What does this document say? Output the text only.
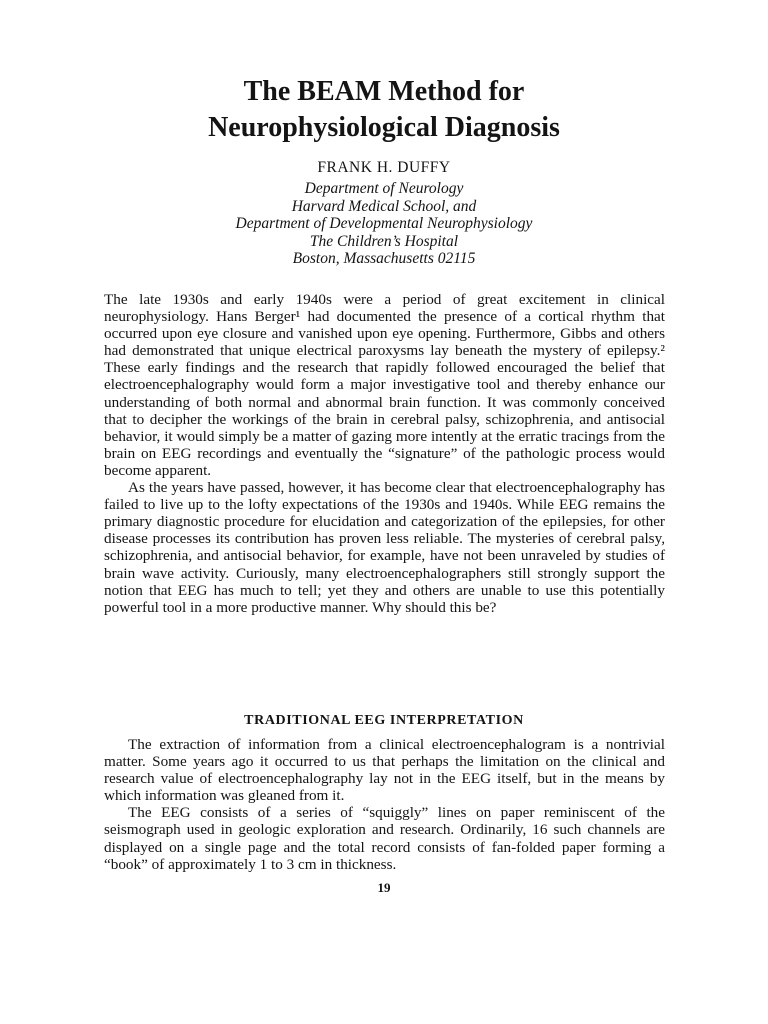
The BEAM Method for
Neurophysiological Diagnosis
FRANK H. DUFFY
Department of Neurology
Harvard Medical School, and
Department of Developmental Neurophysiology
The Children’s Hospital
Boston, Massachusetts 02115

The late 1930s and early 1940s were a period of great excitement in clinical neurophysiology. Hans Berger¹ had documented the presence of a cortical rhythm that occurred upon eye closure and vanished upon eye opening. Furthermore, Gibbs and others had demonstrated that unique electrical paroxysms lay beneath the mystery of epilepsy.² These early findings and the research that rapidly followed encouraged the belief that electroencephalography would form a major investigative tool and thereby enhance our understanding of both normal and abnormal brain function. It was commonly conceived that to decipher the workings of the brain in cerebral palsy, schizophrenia, and antisocial behavior, it would simply be a matter of gazing more intently at the erratic tracings from the brain on EEG recordings and eventually the “signature” of the pathologic process would become apparent.

As the years have passed, however, it has become clear that electroencephalography has failed to live up to the lofty expectations of the 1930s and 1940s. While EEG remains the primary diagnostic procedure for elucidation and categorization of the epilepsies, for other disease processes its contribution has proven less reliable. The mysteries of cerebral palsy, schizophrenia, and antisocial behavior, for example, have not been unraveled by studies of brain wave activity. Curiously, many electroencephalographers still strongly support the notion that EEG has much to tell; yet they and others are unable to use this potentially powerful tool in a more productive manner. Why should this be?

TRADITIONAL EEG INTERPRETATION

The extraction of information from a clinical electroencephalogram is a nontrivial matter. Some years ago it occurred to us that perhaps the limitation on the clinical and research value of electroencephalography lay not in the EEG itself, but in the means by which information was gleaned from it.

The EEG consists of a series of “squiggly” lines on paper reminiscent of the seismograph used in geologic exploration and research. Ordinarily, 16 such channels are displayed on a single page and the total record consists of fan-folded paper forming a “book” of approximately 1 to 3 cm in thickness.

19
